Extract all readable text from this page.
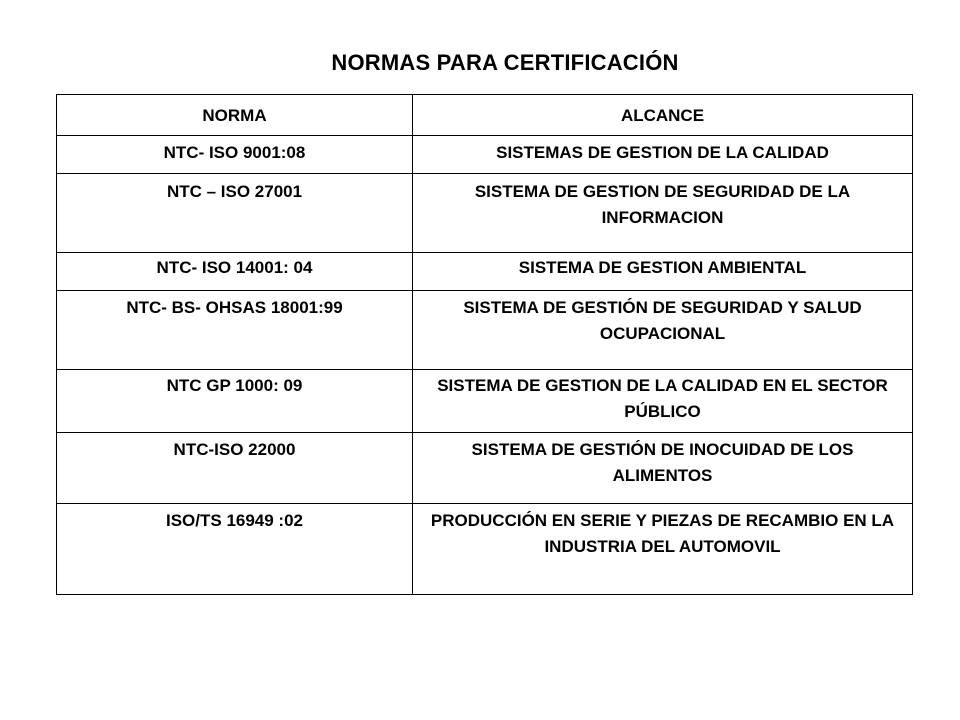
NORMAS PARA CERTIFICACIÓN
NORMA	ALCANCE
NTC- ISO 9001:08	SISTEMAS DE GESTION DE LA CALIDAD
NTC – ISO 27001	SISTEMA DE GESTION DE SEGURIDAD DE LA INFORMACION
NTC- ISO 14001: 04	SISTEMA DE GESTION AMBIENTAL
NTC- BS- OHSAS 18001:99	SISTEMA DE GESTIÓN DE SEGURIDAD Y SALUD OCUPACIONAL
NTC GP 1000: 09	SISTEMA DE GESTION DE LA CALIDAD EN EL SECTOR PÚBLICO
NTC-ISO 22000	SISTEMA DE GESTIÓN DE INOCUIDAD DE LOS ALIMENTOS
ISO/TS 16949 :02	PRODUCCIÓN EN SERIE Y PIEZAS DE RECAMBIO EN LA INDUSTRIA DEL AUTOMOVIL
